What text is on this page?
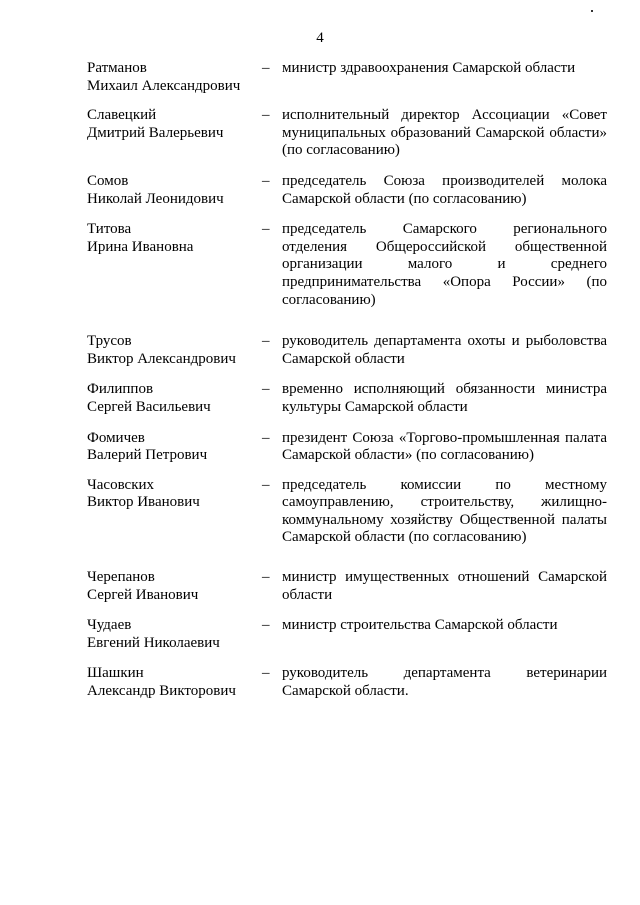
4
Ратманов
Михаил Александрович
– министр здравоохранения Самарской области
Славецкий
Дмитрий Валерьевич
– исполнительный директор Ассоциации «Совет муниципальных образований Самарской области» (по согласованию)
Сомов
Николай Леонидович
– председатель Союза производителей молока Самарской области (по согласованию)
Титова
Ирина Ивановна
– председатель Самарского регионального отделения Общероссийской общественной организации малого и среднего предпринимательства «Опора России» (по согласованию)
Трусов
Виктор Александрович
– руководитель департамента охоты и рыболовства Самарской области
Филиппов
Сергей Васильевич
– временно исполняющий обязанности министра культуры Самарской области
Фомичев
Валерий Петрович
– президент Союза «Торгово-промышленная палата Самарской области» (по согласованию)
Часовских
Виктор Иванович
– председатель комиссии по местному самоуправлению, строительству, жилищно-коммунальному хозяйству Общественной палаты Самарской области (по согласованию)
Черепанов
Сергей Иванович
– министр имущественных отношений Самарской области
Чудаев
Евгений Николаевич
– министр строительства Самарской области
Шашкин
Александр Викторович
– руководитель департамента ветеринарии Самарской области.
